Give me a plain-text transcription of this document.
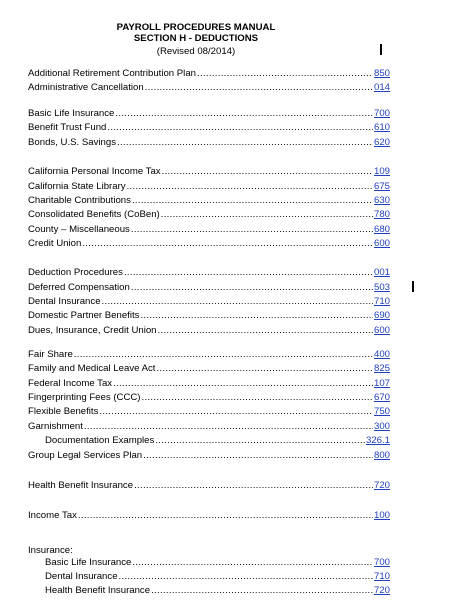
PAYROLL PROCEDURES MANUAL
SECTION H - DEDUCTIONS
(Revised 08/2014)
Additional Retirement Contribution Plan .....	850
Administrative Cancellation .....	014
Basic Life Insurance .....	700
Benefit Trust Fund .....	610
Bonds, U.S. Savings .....	620
California Personal Income Tax .....	109
California State Library .....	675
Charitable Contributions .....	630
Consolidated Benefits (CoBen) .....	780
County – Miscellaneous .....	680
Credit Union .....	600
Deduction Procedures .....	001
Deferred Compensation .....	503
Dental Insurance .....	710
Domestic Partner Benefits .....	690
Dues, Insurance, Credit Union .....	600
Fair Share .....	400
Family and Medical Leave Act .....	825
Federal Income Tax .....	107
Fingerprinting Fees (CCC) .....	670
Flexible Benefits .....	750
Garnishment .....	300
Documentation Examples .....	326.1
Group Legal Services Plan .....	800
Health Benefit Insurance .....	720
Income Tax .....	100
Insurance:
Basic Life Insurance .....	700
Dental Insurance .....	710
Health Benefit Insurance .....	720
